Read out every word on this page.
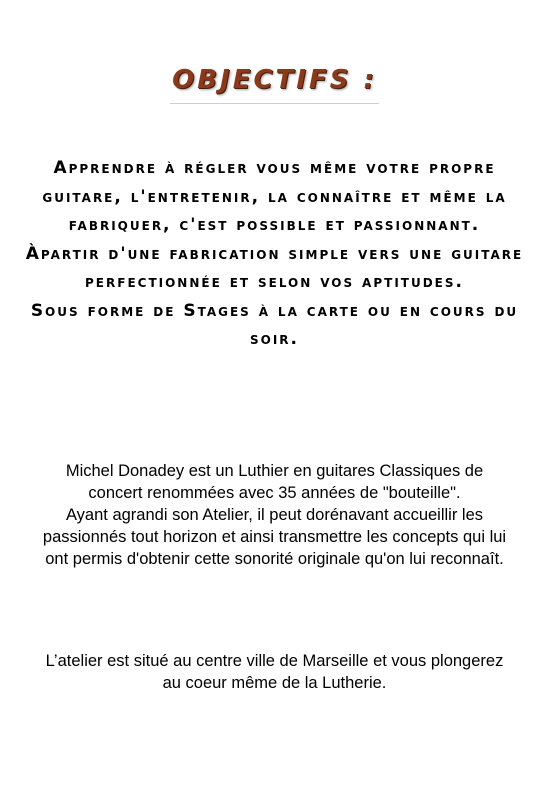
OBJECTIFS :

Apprendre à régler vous même votre propre guitare, l'entretenir, la connaître et même la fabriquer, c'est possible et passionnant.

Àpartir d'une fabrication simple vers une guitare perfectionnée et selon vos aptitudes.

Sous forme de Stages à la carte ou en cours du soir.

Michel Donadey est un Luthier en guitares Classiques de concert renommées avec 35 années de "bouteille".

Ayant agrandi son Atelier, il peut dorénavant accueillir les passionnés tout horizon et ainsi transmettre les concepts qui lui ont permis d'obtenir cette sonorité originale qu'on lui reconnaît.

L’atelier est situé au centre ville de Marseille et vous plongerez au coeur même de la Lutherie.
